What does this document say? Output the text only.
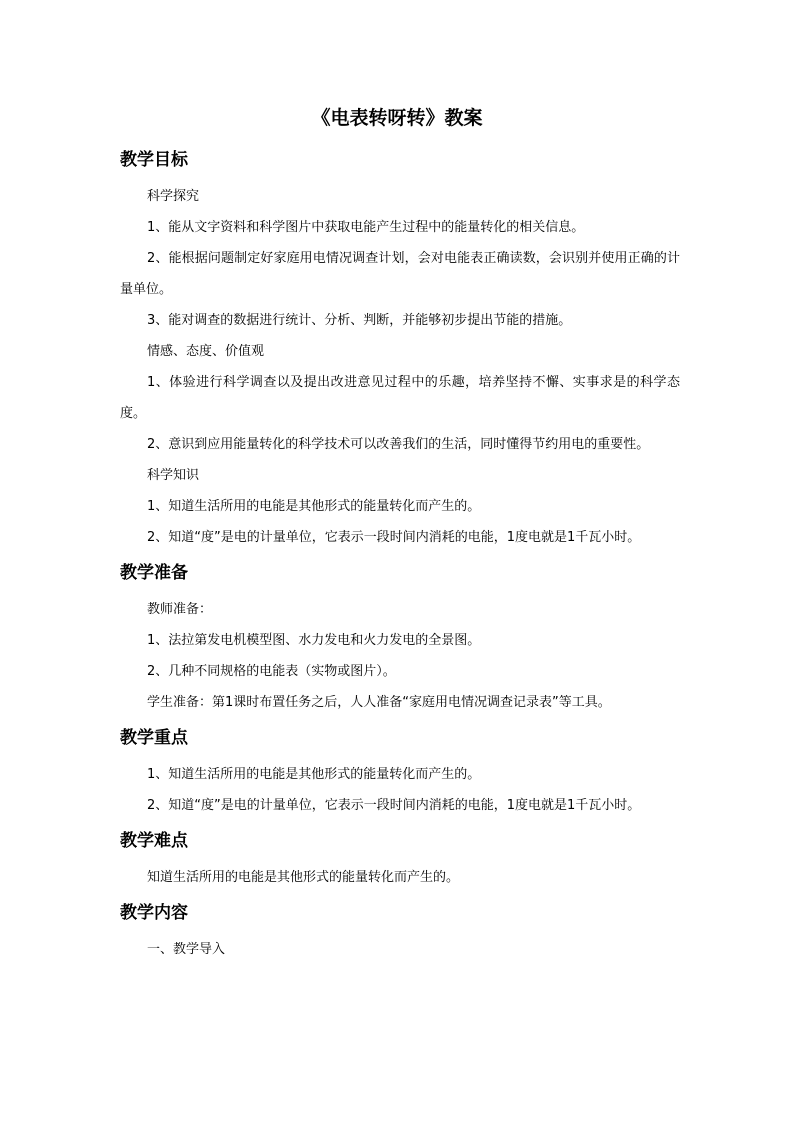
《电表转呀转》教案
教学目标

科学探究

1、能从文字资料和科学图片中获取电能产生过程中的能量转化的相关信息。

2、能根据问题制定好家庭用电情况调查计划，会对电能表正确读数，会识别并使用正确的计量单位。

3、能对调查的数据进行统计、分析、判断，并能够初步提出节能的措施。

情感、态度、价值观

1、体验进行科学调查以及提出改进意见过程中的乐趣，培养坚持不懈、实事求是的科学态度。

2、意识到应用能量转化的科学技术可以改善我们的生活，同时懂得节约用电的重要性。

科学知识

1、知道生活所用的电能是其他形式的能量转化而产生的。

2、知道“度”是电的计量单位，它表示一段时间内消耗的电能，1度电就是1千瓦小时。

教学准备

教师准备：

1、法拉第发电机模型图、水力发电和火力发电的全景图。

2、几种不同规格的电能表（实物或图片）。

学生准备：第1课时布置任务之后，人人准备“家庭用电情况调查记录表”等工具。

教学重点

1、知道生活所用的电能是其他形式的能量转化而产生的。

2、知道“度”是电的计量单位，它表示一段时间内消耗的电能，1度电就是1千瓦小时。

教学难点

知道生活所用的电能是其他形式的能量转化而产生的。

教学内容

一、教学导入
